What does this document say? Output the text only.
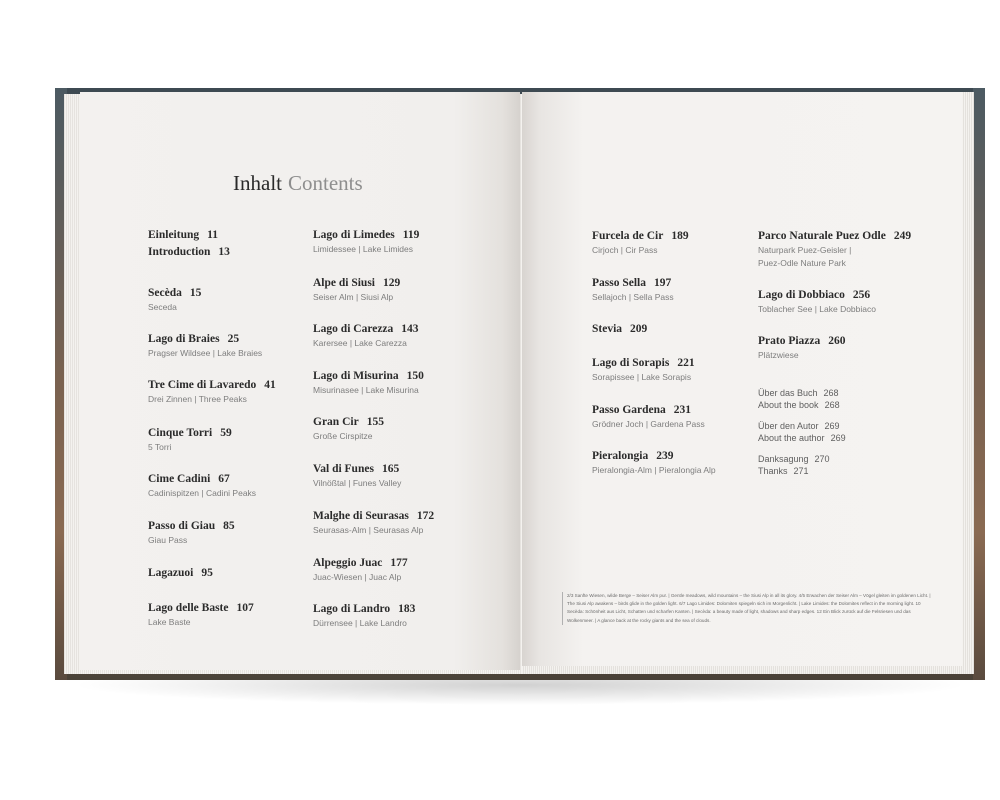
Inhalt Contents
Einleitung 11
Introduction 13
Secèda 15
Seceda
Lago di Braies 25
Pragser Wildsee | Lake Braies
Tre Cime di Lavaredo 41
Drei Zinnen | Three Peaks
Cinque Torri 59
5 Torri
Cime Cadini 67
Cadinispitzen | Cadini Peaks
Passo di Giau 85
Giau Pass
Lagazuoi 95
Lago delle Baste 107
Lake Baste
Lago di Limedes 119
Limidessee | Lake Limides
Alpe di Siusi 129
Seiser Alm | Siusi Alp
Lago di Carezza 143
Karersee | Lake Carezza
Lago di Misurina 150
Misurinasee | Lake Misurina
Gran Cir 155
Große Cirspitze
Val di Funes 165
Vilnößtal | Funes Valley
Malghe di Seurasas 172
Seurasas-Alm | Seurasas Alp
Alpeggio Juac 177
Juac-Wiesen | Juac Alp
Lago di Landro 183
Dürrensee | Lake Landro
Furcela de Cir 189
Cirjoch | Cir Pass
Passo Sella 197
Sellajoch | Sella Pass
Stevia 209
Lago di Sorapis 221
Sorapissee | Lake Sorapis
Passo Gardena 231
Grödner Joch | Gardena Pass
Pieralongia 239
Pieralongia-Alm | Pieralongia Alp
Parco Naturale Puez Odle 249
Naturpark Puez-Geisler |
Puez-Odle Nature Park
Lago di Dobbiaco 256
Toblacher See | Lake Dobbiaco
Prato Piazza 260
Plätzwiese
Über das Buch 268
About the book 268
Über den Autor 269
About the author 269
Danksagung 270
Thanks 271
2/3 Sanfte Wiesen, wilde Berge – Seiser Alm pur. | Gentle meadows, wild mountains – the Siusi Alp in all its glory. 4/5 Erwachen der Seiser Alm – Vögel gleiten im goldenen Licht. | The Siusi Alp awakens – birds glide in the golden light. 6/7 Lago Limides: Dolomiten spiegeln sich im Morgenlicht. | Lake Limides: the Dolomites reflect in the morning light. 10 Secèda: Schönheit aus Licht, Schatten und scharfen Kanten. | Secèda: a beauty made of light, shadows and sharp edges. 12 Ein Blick zurück auf die Felsriesen und das Wolkenmeer. | A glance back at the rocky giants and the sea of clouds.
